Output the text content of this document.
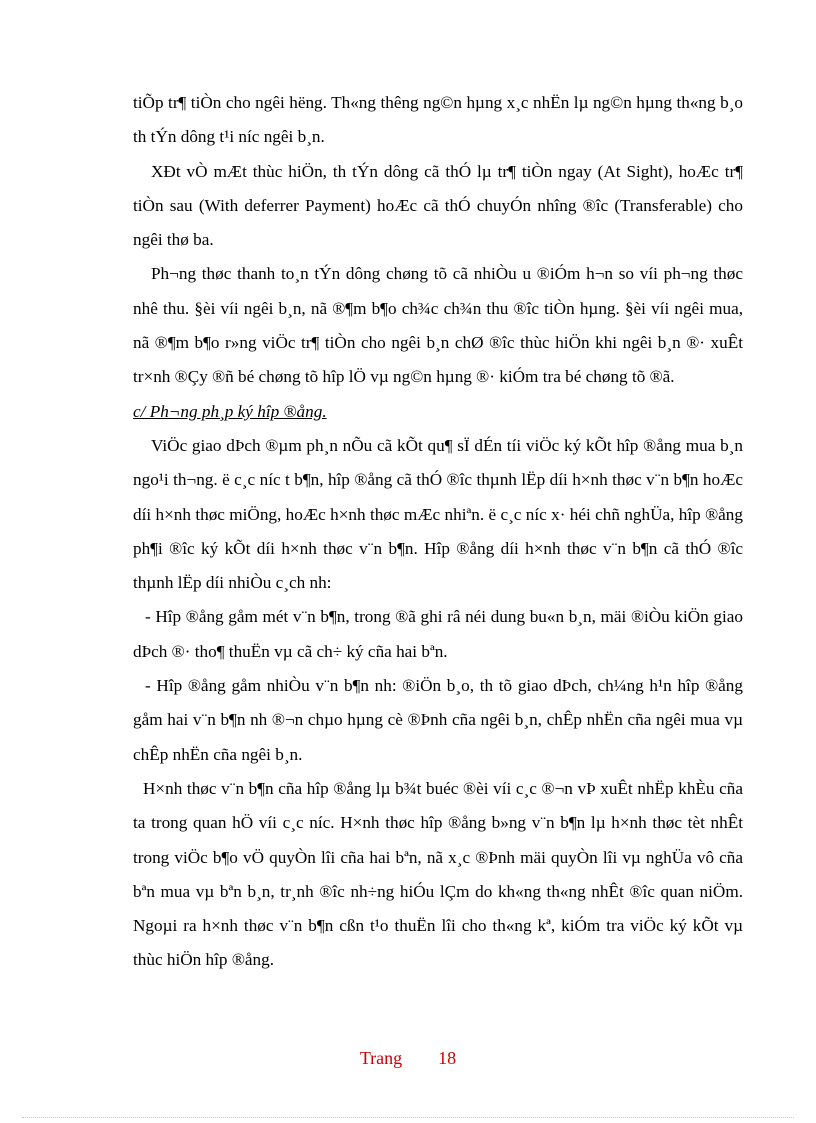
tiÕp tr¶ tiÒn cho ngêi hëng. Th«ng thêng ng©n hµng x¸c nhËn lµ ng©n hµng th«ng b¸o th tÝn dông t¹i níc ngêi b¸n.

XÐt vÒ mÆt thùc hiÖn, th tÝn dông cã thÓ lµ tr¶ tiÒn ngay (At Sight), hoÆc tr¶ tiÒn sau (With deferrer Payment) hoÆc cã thÓ chuyÓn nhîng ®îc (Transferable) cho ngêi thø ba.

Ph¬ng thøc thanh to¸n tÝn dông chøng tõ cã nhiÒu u ®iÓm h¬n so víi ph¬ng thøc nhê thu. §èi víi ngêi b¸n, nã ®¶m b¶o ch¾c ch¾n thu ®îc tiÒn hµng. §èi víi ngêi mua, nã ®¶m b¶o r»ng viÖc tr¶ tiÒn cho ngêi b¸n chØ ®îc thùc hiÖn khi ngêi b¸n ®· xuÊt tr×nh ®Çy ®ñ bé chøng tõ hîp lÖ vµ ng©n hµng ®· kiÓm tra bé chøng tõ ®ã.

c/ Ph¬ng ph¸p ký hîp ®ång.

ViÖc giao dÞch ®µm ph¸n nÕu cã kÕt qu¶ sÏ dÉn tíi viÖc ký kÕt hîp ®ång mua b¸n ngo¹i th¬ng. ë c¸c níc t b¶n, hîp ®ång cã thÓ ®îc thµnh lËp díi h×nh thøc v¨n b¶n hoÆc díi h×nh thøc miÖng, hoÆc h×nh thøc mÆc nhiªn. ë c¸c níc x· héi chñ nghÜa, hîp ®ång ph¶i ®îc ký kÕt díi h×nh thøc v¨n b¶n. Hîp ®ång díi h×nh thøc v¨n b¶n cã thÓ ®îc thµnh lËp díi nhiÒu c¸ch nh:

- Hîp ®ång gåm mét v¨n b¶n, trong ®ã ghi râ néi dung bu«n b¸n, mäi ®iÒu kiÖn giao dÞch ®· tho¶ thuËn vµ cã ch÷ ký cña hai bªn.

- Hîp ®ång gåm nhiÒu v¨n b¶n nh: ®iÖn b¸o, th tõ giao dÞch, ch¼ng h¹n hîp ®ång gåm hai v¨n b¶n nh ®¬n chµo hµng cè ®Þnh cña ngêi b¸n, chÊp nhËn cña ngêi mua vµ chÊp nhËn cña ngêi b¸n.

H×nh thøc v¨n b¶n cña hîp ®ång lµ b¾t buéc ®èi víi c¸c ®¬n vÞ xuÊt nhËp khÈu cña ta trong quan hÖ víi c¸c níc. H×nh thøc hîp ®ång b»ng v¨n b¶n lµ h×nh thøc tèt nhÊt trong viÖc b¶o vÖ quyÒn lîi cña hai bªn, nã x¸c ®Þnh mäi quyÒn lîi vµ nghÜa vô cña bªn mua vµ bªn b¸n, tr¸nh ®îc nh÷ng hiÓu lÇm do kh«ng th«ng nhÊt ®îc quan niÖm. Ngoµi ra h×nh thøc v¨n b¶n cßn t¹o thuËn lîi cho th«ng kª, kiÓm tra viÖc ký kÕt vµ thùc hiÖn hîp ®ång.

Trang 18
